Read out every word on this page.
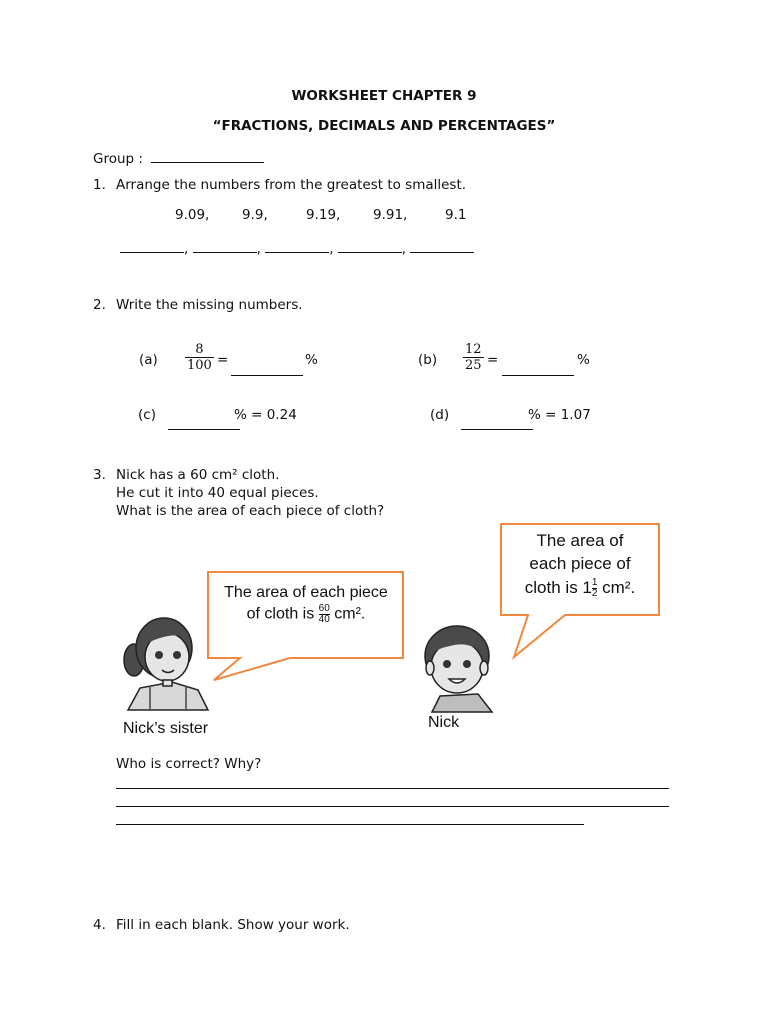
WORKSHEET CHAPTER 9
“FRACTIONS, DECIMALS AND PERCENTAGES”
Group :
1. Arrange the numbers from the greatest to smallest.
9.09, 9.9,	9.19, 9.91,	9.1
,	,	,	,
2. Write the missing numbers.
$(a) \frac{8}{100}$ =	%	$(b) \frac{12}{25}$ =	%
(c)	% = 0.24	(d)	% = 1.07
3. Nick has a 60 cm² cloth.
He cut it into 40 equal pieces.
What is the area of each piece of cloth?
The area of each piece
of cloth is $\frac{60}{40} cm^2$.
The area of
each piece of
cloth is $1 \frac{1}{2} cm^2$.
Nick’s sister	Nick
Who is correct? Why?
4. Fill in each blank. Show your work.
